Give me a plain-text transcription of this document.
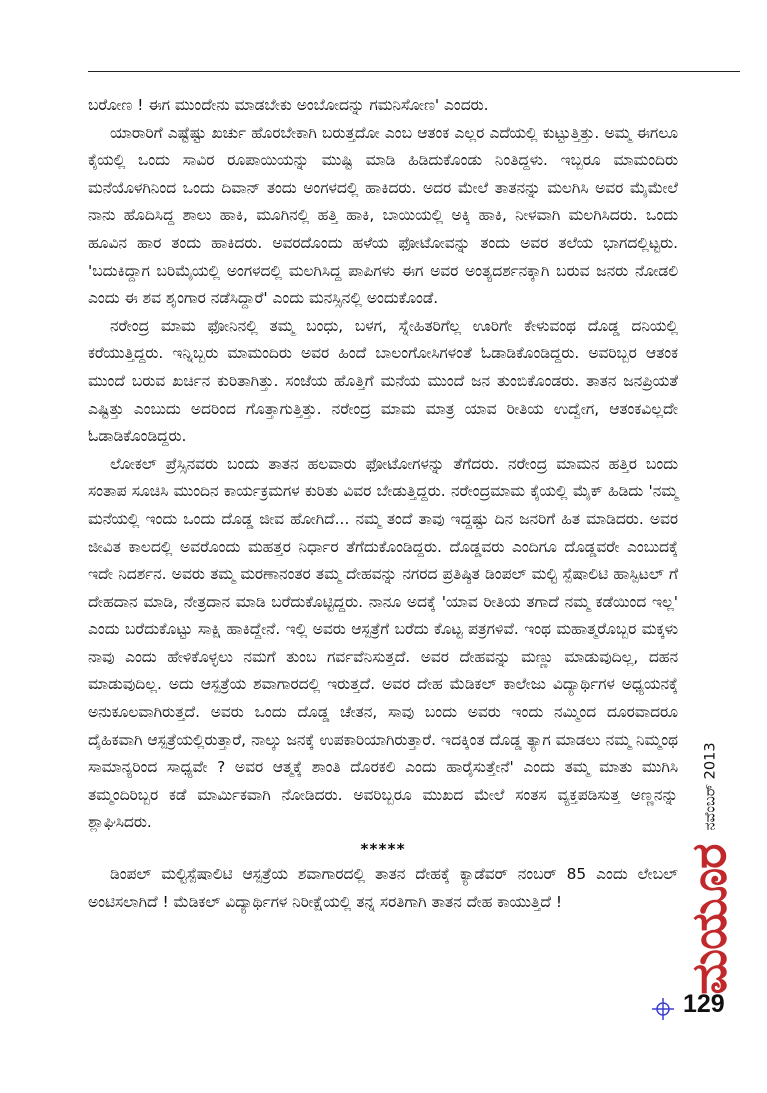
ಬರೋಣ ! ಈಗ ಮುಂದೇನು ಮಾಡಬೇಕು ಅಂಬೋದನ್ನು ಗಮನಿಸೋಣ' ಎಂದರು.

ಯಾರಾರಿಗೆ ಎಷ್ಟೆಷ್ಟು ಖರ್ಚು ಹೊರಬೇಕಾಗಿ ಬರುತ್ತದೋ ಎಂಬ ಆತಂಕ ಎಲ್ಲರ ಎದೆಯಲ್ಲಿ ಕುಟ್ಟುತ್ತಿತ್ತು. ಅಮ್ಮ ಈಗಲೂ ಕೈಯಲ್ಲಿ ಒಂದು ಸಾವಿರ ರೂಪಾಯಿಯನ್ನು ಮುಷ್ಟಿ ಮಾಡಿ ಹಿಡಿದುಕೊಂಡು ನಿಂತಿದ್ದಳು. ಇಬ್ಬರೂ ಮಾಮಂದಿರು ಮನೆಯೊಳಗಿನಿಂದ ಒಂದು ದಿವಾನ್ ತಂದು ಅಂಗಳದಲ್ಲಿ ಹಾಕಿದರು. ಅದರ ಮೇಲೆ ತಾತನನ್ನು ಮಲಗಿಸಿ ಅವರ ಮೈಮೇಲೆ ನಾನು ಹೊದಿಸಿದ್ದ ಶಾಲು ಹಾಕಿ, ಮೂಗಿನಲ್ಲಿ ಹತ್ತಿ ಹಾಕಿ, ಬಾಯಿಯಲ್ಲಿ ಅಕ್ಕಿ ಹಾಕಿ, ನೀಳವಾಗಿ ಮಲಗಿಸಿದರು. ಒಂದು ಹೂವಿನ ಹಾರ ತಂದು ಹಾಕಿದರು. ಅವರದೊಂದು ಹಳೆಯ ಫೋಟೋವನ್ನು ತಂದು ಅವರ ತಲೆಯ ಭಾಗದಲ್ಲಿಟ್ಟರು. 'ಬದುಕಿದ್ದಾಗ ಬರಿಮೈಯಲ್ಲಿ ಅಂಗಳದಲ್ಲಿ ಮಲಗಿಸಿದ್ದ ಪಾಪಿಗಳು ಈಗ ಅವರ ಅಂತ್ಯದರ್ಶನಕ್ಕಾಗಿ ಬರುವ ಜನರು ನೋಡಲಿ ಎಂದು ಈ ಶವ ಶೃಂಗಾರ ನಡೆಸಿದ್ದಾರೆ' ಎಂದು ಮನಸ್ಸಿನಲ್ಲಿ ಅಂದುಕೊಂಡೆ.

ನರೇಂದ್ರ ಮಾಮ ಫೋನಿನಲ್ಲಿ ತಮ್ಮ ಬಂಧು, ಬಳಗ, ಸ್ನೇಹಿತರಿಗೆಲ್ಲ ಊರಿಗೇ ಕೇಳುವಂಥ ದೊಡ್ಡ ದನಿಯಲ್ಲಿ ಕರೆಯುತ್ತಿದ್ದರು. ಇನ್ನಿಬ್ಬರು ಮಾಮಂದಿರು ಅವರ ಹಿಂದೆ ಬಾಲಂಗೋಸಿಗಳಂತೆ ಓಡಾಡಿಕೊಂಡಿದ್ದರು. ಅವರಿಬ್ಬರ ಆತಂಕ ಮುಂದೆ ಬರುವ ಖರ್ಚಿನ ಕುರಿತಾಗಿತ್ತು. ಸಂಜೆಯ ಹೊತ್ತಿಗೆ ಮನೆಯ ಮುಂದೆ ಜನ ತುಂಬಿಕೊಂಡರು. ತಾತನ ಜನಪ್ರಿಯತೆ ಎಷ್ಟಿತ್ತು ಎಂಬುದು ಅದರಿಂದ ಗೊತ್ತಾಗುತ್ತಿತ್ತು. ನರೇಂದ್ರ ಮಾಮ ಮಾತ್ರ ಯಾವ ರೀತಿಯ ಉದ್ವೇಗ, ಆತಂಕವಿಲ್ಲದೇ ಓಡಾಡಿಕೊಂಡಿದ್ದರು.

ಲೋಕಲ್ ಪ್ರೆಸ್ಸಿನವರು ಬಂದು ತಾತನ ಹಲವಾರು ಫೋಟೋಗಳನ್ನು ತೆಗೆದರು. ನರೇಂದ್ರ ಮಾಮನ ಹತ್ತಿರ ಬಂದು ಸಂತಾಪ ಸೂಚಿಸಿ ಮುಂದಿನ ಕಾರ್ಯಕ್ರಮಗಳ ಕುರಿತು ವಿವರ ಬೇಡುತ್ತಿದ್ದರು. ನರೇಂದ್ರಮಾಮ ಕೈಯಲ್ಲಿ ಮೈಕ್ ಹಿಡಿದು 'ನಮ್ಮ ಮನೆಯಲ್ಲಿ ಇಂದು ಒಂದು ದೊಡ್ಡ ಜೀವ ಹೋಗಿದೆ... ನಮ್ಮ ತಂದೆ ತಾವು ಇದ್ದಷ್ಟು ದಿನ ಜನರಿಗೆ ಹಿತ ಮಾಡಿದರು. ಅವರ ಜೀವಿತ ಕಾಲದಲ್ಲಿ ಅವರೊಂದು ಮಹತ್ತರ ನಿರ್ಧಾರ ತೆಗೆದುಕೊಂಡಿದ್ದರು. ದೊಡ್ಡವರು ಎಂದಿಗೂ ದೊಡ್ಡವರೇ ಎಂಬುದಕ್ಕೆ ಇದೇ ನಿದರ್ಶನ. ಅವರು ತಮ್ಮ ಮರಣಾನಂತರ ತಮ್ಮ ದೇಹವನ್ನು ನಗರದ ಪ್ರತಿಷ್ಠಿತ ಡಿಂಪಲ್ ಮಲ್ಟಿ ಸ್ಪೆಷಾಲಿಟಿ ಹಾಸ್ಪಿಟಲ್ ಗೆ ದೇಹದಾನ ಮಾಡಿ, ನೇತ್ರದಾನ ಮಾಡಿ ಬರೆದುಕೊಟ್ಟಿದ್ದರು. ನಾನೂ ಅದಕ್ಕೆ 'ಯಾವ ರೀತಿಯ ತಗಾದೆ ನಮ್ಮ ಕಡೆಯಿಂದ ಇಲ್ಲ' ಎಂದು ಬರೆದುಕೊಟ್ಟು ಸಾಕ್ಷಿ ಹಾಕಿದ್ದೇನೆ. ಇಲ್ಲಿ ಅವರು ಆಸ್ಪತ್ರೆಗೆ ಬರೆದು ಕೊಟ್ಟ ಪತ್ರಗಳಿವೆ. ಇಂಥ ಮಹಾತ್ಮರೊಬ್ಬರ ಮಕ್ಕಳು ನಾವು ಎಂದು ಹೇಳಿಕೊಳ್ಳಲು ನಮಗೆ ತುಂಬ ಗರ್ವವೆನಿಸುತ್ತದೆ. ಅವರ ದೇಹವನ್ನು ಮಣ್ಣು ಮಾಡುವುದಿಲ್ಲ, ದಹನ ಮಾಡುವುದಿಲ್ಲ. ಅದು ಆಸ್ಪತ್ರೆಯ ಶವಾಗಾರದಲ್ಲಿ ಇರುತ್ತದೆ. ಅವರ ದೇಹ ಮೆಡಿಕಲ್ ಕಾಲೇಜು ವಿದ್ಯಾರ್ಥಿಗಳ ಅಧ್ಯಯನಕ್ಕೆ ಅನುಕೂಲವಾಗಿರುತ್ತದೆ. ಅವರು ಒಂದು ದೊಡ್ಡ ಚೇತನ, ಸಾವು ಬಂದು ಅವರು ಇಂದು ನಮ್ಮಿಂದ ದೂರವಾದರೂ ದೈಹಿಕವಾಗಿ ಆಸ್ಪತ್ರೆಯಲ್ಲಿರುತ್ತಾರೆ, ನಾಲ್ಕು ಜನಕ್ಕೆ ಉಪಕಾರಿಯಾಗಿರುತ್ತಾರೆ. ಇದಕ್ಕಿಂತ ದೊಡ್ಡ ತ್ಯಾಗ ಮಾಡಲು ನಮ್ಮ ನಿಮ್ಮಂಥ ಸಾಮಾನ್ಯರಿಂದ ಸಾಧ್ಯವೇ ? ಅವರ ಆತ್ಮಕ್ಕೆ ಶಾಂತಿ ದೊರಕಲಿ ಎಂದು ಹಾರೈಸುತ್ತೇನೆ' ಎಂದು ತಮ್ಮ ಮಾತು ಮುಗಿಸಿ ತಮ್ಮಂದಿರಿಬ್ಬರ ಕಡೆ ಮಾರ್ಮಿಕವಾಗಿ ನೋಡಿದರು. ಅವರಿಬ್ಬರೂ ಮುಖದ ಮೇಲೆ ಸಂತಸ ವ್ಯಕ್ತಪಡಿಸುತ್ತ ಅಣ್ಣನನ್ನು ಶ್ಲಾಘಿಸಿದರು.

*****

ಡಿಂಪಲ್ ಮಲ್ಟಿಸ್ಪೆಷಾಲಿಟಿ ಆಸ್ಪತ್ರೆಯ ಶವಾಗಾರದಲ್ಲಿ ತಾತನ ದೇಹಕ್ಕೆ ಕ್ಯಾಡೆವರ್ ನಂಬರ್ 85 ಎಂದು ಲೇಬಲ್ ಅಂಟಿಸಲಾಗಿದೆ ! ಮೆಡಿಕಲ್ ವಿದ್ಯಾರ್ಥಿಗಳ ನಿರೀಕ್ಷೆಯಲ್ಲಿ ತನ್ನ ಸರತಿಗಾಗಿ ತಾತನ ದೇಹ ಕಾಯುತ್ತಿದೆ !	ಮಯೂರ
ನವೆಂಬರ್ 2013
129
